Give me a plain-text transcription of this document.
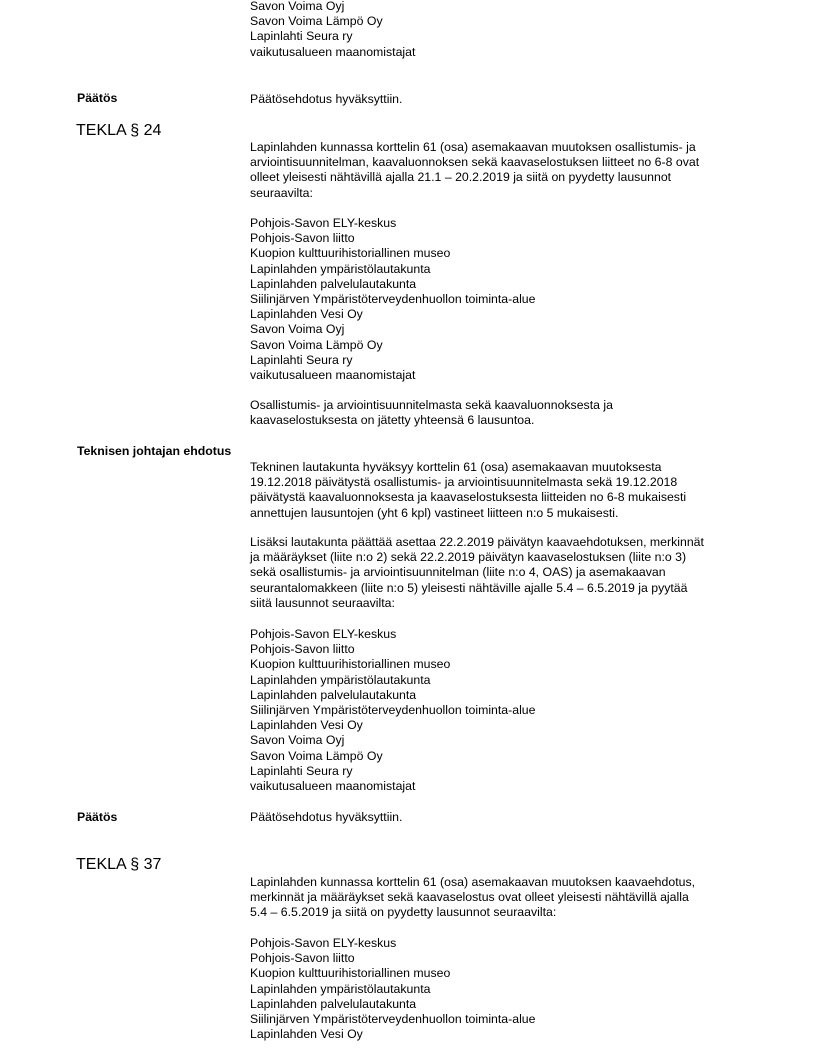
Savon Voima Oyj
Savon Voima Lämpö Oy
Lapinlahti Seura ry
vaikutusalueen maanomistajat
Päätös	Päätösehdotus hyväksyttiin.
TEKLA § 24
Lapinlahden kunnassa korttelin 61 (osa) asemakaavan muutoksen osallistumis- ja
arviointisuunnitelman, kaavaluonnoksen sekä kaavaselostuksen liitteet no 6-8 ovat
olleet yleisesti nähtävillä ajalla 21.1 – 20.2.2019 ja siitä on pyydetty lausunnot
seuraavilta:
Pohjois-Savon ELY-keskus
Pohjois-Savon liitto
Kuopion kulttuurihistoriallinen museo
Lapinlahden ympäristölautakunta
Lapinlahden palvelulautakunta
Siilinjärven Ympäristöterveydenhuollon toiminta-alue
Lapinlahden Vesi Oy
Savon Voima Oyj
Savon Voima Lämpö Oy
Lapinlahti Seura ry
vaikutusalueen maanomistajat
Osallistumis- ja arviointisuunnitelmasta sekä kaavaluonnoksesta ja
kaavaselostuksesta on jätetty yhteensä 6 lausuntoa.
Teknisen johtajan ehdotus
Tekninen lautakunta hyväksyy korttelin 61 (osa) asemakaavan muutoksesta
19.12.2018 päivätystä osallistumis- ja arviointisuunnitelmasta sekä 19.12.2018
päivätystä kaavaluonnoksesta ja kaavaselostuksesta liitteiden no 6-8 mukaisesti
annettujen lausuntojen (yht 6 kpl) vastineet liitteen n:o 5 mukaisesti.
Lisäksi lautakunta päättää asettaa 22.2.2019 päivätyn kaavaehdotuksen, merkinnät
ja määräykset (liite n:o 2) sekä 22.2.2019 päivätyn kaavaselostuksen (liite n:o 3)
sekä osallistumis- ja arviointisuunnitelman (liite n:o 4, OAS) ja asemakaavan
seurantalomakkeen (liite n:o 5) yleisesti nähtäville ajalle 5.4 – 6.5.2019 ja pyytää
siitä lausunnot seuraavilta:
Pohjois-Savon ELY-keskus
Pohjois-Savon liitto
Kuopion kulttuurihistoriallinen museo
Lapinlahden ympäristölautakunta
Lapinlahden palvelulautakunta
Siilinjärven Ympäristöterveydenhuollon toiminta-alue
Lapinlahden Vesi Oy
Savon Voima Oyj
Savon Voima Lämpö Oy
Lapinlahti Seura ry
vaikutusalueen maanomistajat
Päätös	Päätösehdotus hyväksyttiin.
TEKLA § 37
Lapinlahden kunnassa korttelin 61 (osa) asemakaavan muutoksen kaavaehdotus,
merkinnät ja määräykset sekä kaavaselostus ovat olleet yleisesti nähtävillä ajalla
5.4 – 6.5.2019 ja siitä on pyydetty lausunnot seuraavilta:
Pohjois-Savon ELY-keskus
Pohjois-Savon liitto
Kuopion kulttuurihistoriallinen museo
Lapinlahden ympäristölautakunta
Lapinlahden palvelulautakunta
Siilinjärven Ympäristöterveydenhuollon toiminta-alue
Lapinlahden Vesi Oy
